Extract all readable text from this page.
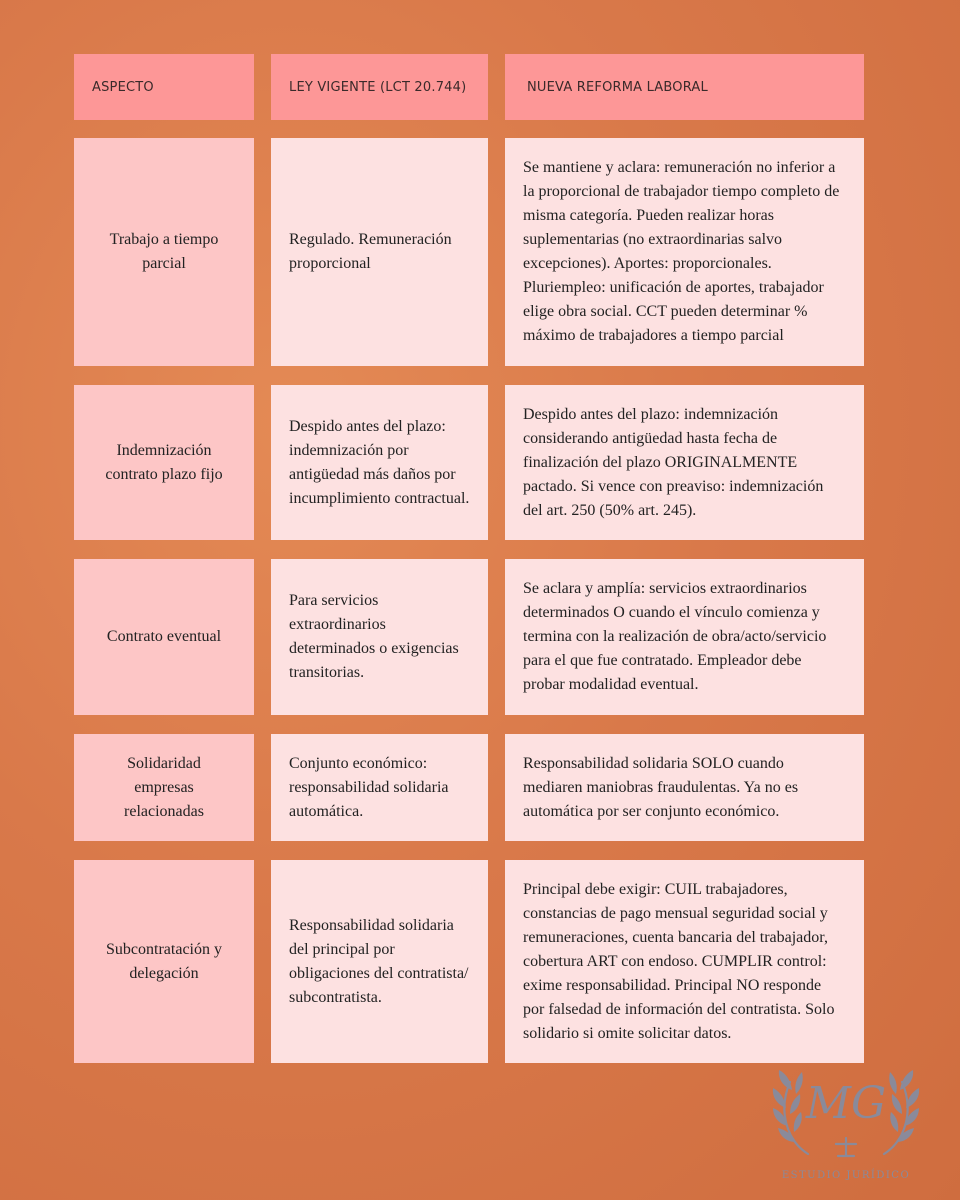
ASPECTO	LEY VIGENTE (LCT 20.744)	NUEVA REFORMA LABORAL
Trabajo a tiempo parcial
Regulado. Remuneración proporcional
Se mantiene y aclara: remuneración no inferior a la proporcional de trabajador tiempo completo de misma categoría. Pueden realizar horas suplementarias (no extraordinarias salvo excepciones). Aportes: proporcionales. Pluriempleo: unificación de aportes, trabajador elige obra social. CCT pueden determinar % máximo de trabajadores a tiempo parcial
Indemnización contrato plazo fijo
Despido antes del plazo: indemnización por antigüedad más daños por incumplimiento contractual.
Despido antes del plazo: indemnización considerando antigüedad hasta fecha de finalización del plazo ORIGINALMENTE pactado. Si vence con preaviso: indemnización del art. 250 (50% art. 245).
Contrato eventual
Para servicios extraordinarios determinados o exigencias transitorias.
Se aclara y amplía: servicios extraordinarios determinados O cuando el vínculo comienza y termina con la realización de obra/acto/servicio para el que fue contratado. Empleador debe probar modalidad eventual.
Solidaridad empresas relacionadas
Conjunto económico: responsabilidad solidaria automática.
Responsabilidad solidaria SOLO cuando mediaren maniobras fraudulentas. Ya no es automática por ser conjunto económico.
Subcontratación y delegación
Responsabilidad solidaria del principal por obligaciones del contratista/ subcontratista.
Principal debe exigir: CUIL trabajadores, constancias de pago mensual seguridad social y remuneraciones, cuenta bancaria del trabajador, cobertura ART con endoso. CUMPLIR control: exime responsabilidad. Principal NO responde por falsedad de información del contratista. Solo solidario si omite solicitar datos.
MG
ESTUDIO JURÍDICO
